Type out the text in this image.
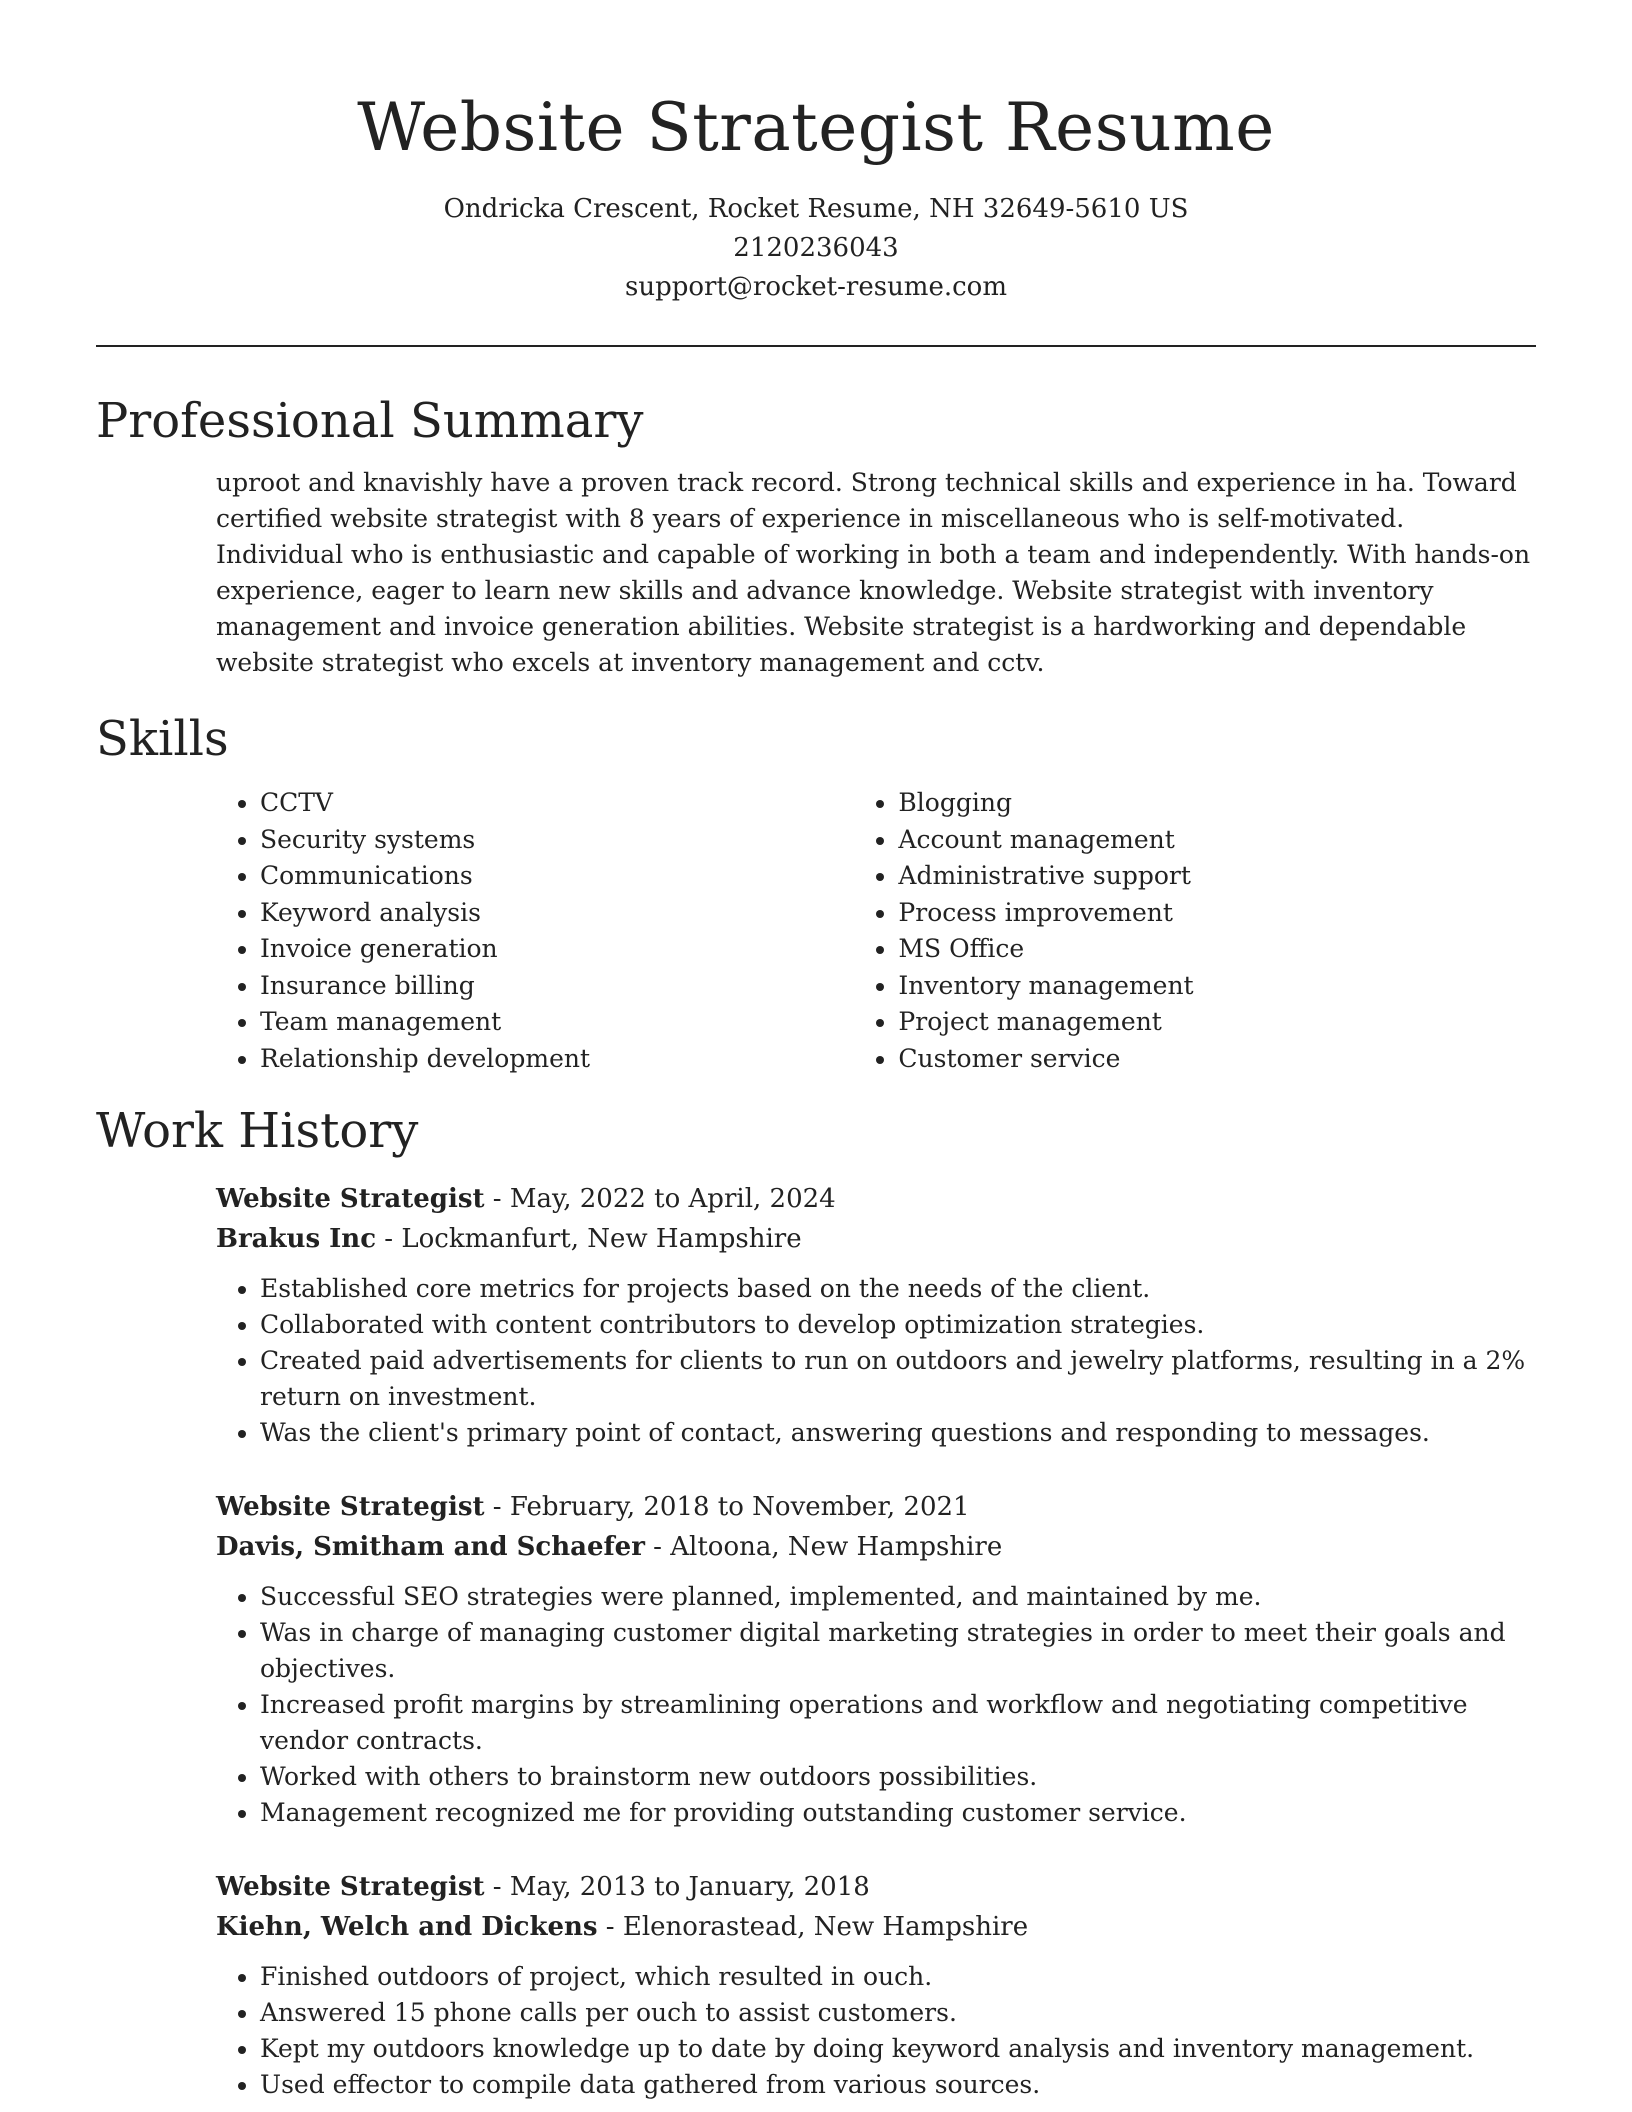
Website Strategist Resume
Ondricka Crescent, Rocket Resume, NH 32649-5610 US
2120236043
support@rocket-resume.com
Professional Summary

uproot and knavishly have a proven track record. Strong technical skills and experience in ha. Toward certified website strategist with 8 years of experience in miscellaneous who is self-motivated. Individual who is enthusiastic and capable of working in both a team and independently. With hands-on experience, eager to learn new skills and advance knowledge. Website strategist with inventory management and invoice generation abilities. Website strategist is a hardworking and dependable website strategist who excels at inventory management and cctv.

Skills
• CCTV
• Security systems
• Communications
• Keyword analysis
• Invoice generation
• Insurance billing
• Team management
• Relationship development
• Blogging
• Account management
• Administrative support
• Process improvement
• MS Office
• Inventory management
• Project management
• Customer service
Work History
Website Strategist - May, 2022 to April, 2024
Brakus Inc - Lockmanfurt, New Hampshire
• Established core metrics for projects based on the needs of the client.
• Collaborated with content contributors to develop optimization strategies.
• Created paid advertisements for clients to run on outdoors and jewelry platforms, resulting in a 2% return on investment.
• Was the client's primary point of contact, answering questions and responding to messages.
Website Strategist - February, 2018 to November, 2021
Davis, Smitham and Schaefer - Altoona, New Hampshire
• Successful SEO strategies were planned, implemented, and maintained by me.
• Was in charge of managing customer digital marketing strategies in order to meet their goals and objectives.
• Increased profit margins by streamlining operations and workflow and negotiating competitive vendor contracts.
• Worked with others to brainstorm new outdoors possibilities.
• Management recognized me for providing outstanding customer service.
Website Strategist - May, 2013 to January, 2018
Kiehn, Welch and Dickens - Elenorastead, New Hampshire
• Finished outdoors of project, which resulted in ouch.
• Answered 15 phone calls per ouch to assist customers.
• Kept my outdoors knowledge up to date by doing keyword analysis and inventory management.
• Used effector to compile data gathered from various sources.
